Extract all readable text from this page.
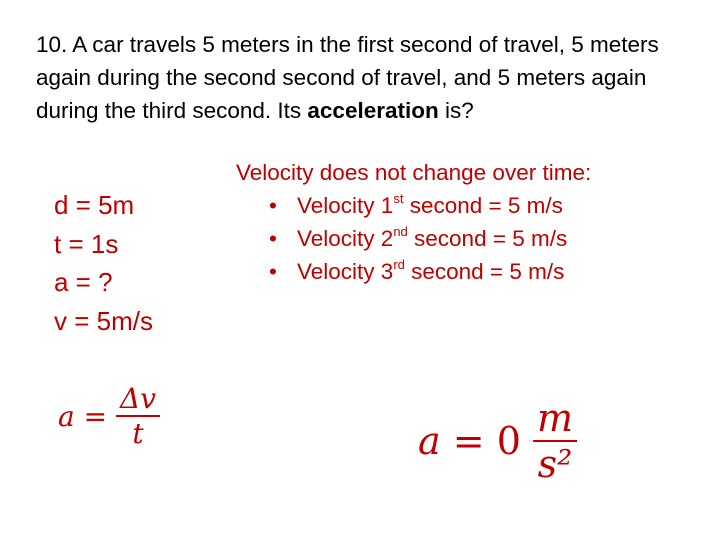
10. A car travels 5 meters in the first second of travel, 5 meters again during the second second of travel, and 5 meters again during the third second. Its acceleration is?
d = 5m
t = 1s
a = ?
v = 5m/s
Velocity does not change over time:
• Velocity 1st second = 5 m/s
• Velocity 2nd second = 5 m/s
• Velocity 3rd second = 5 m/s
$a = \frac{\Delta v}{t}$	$a = 0 \frac{m}{\text{s²}}$
